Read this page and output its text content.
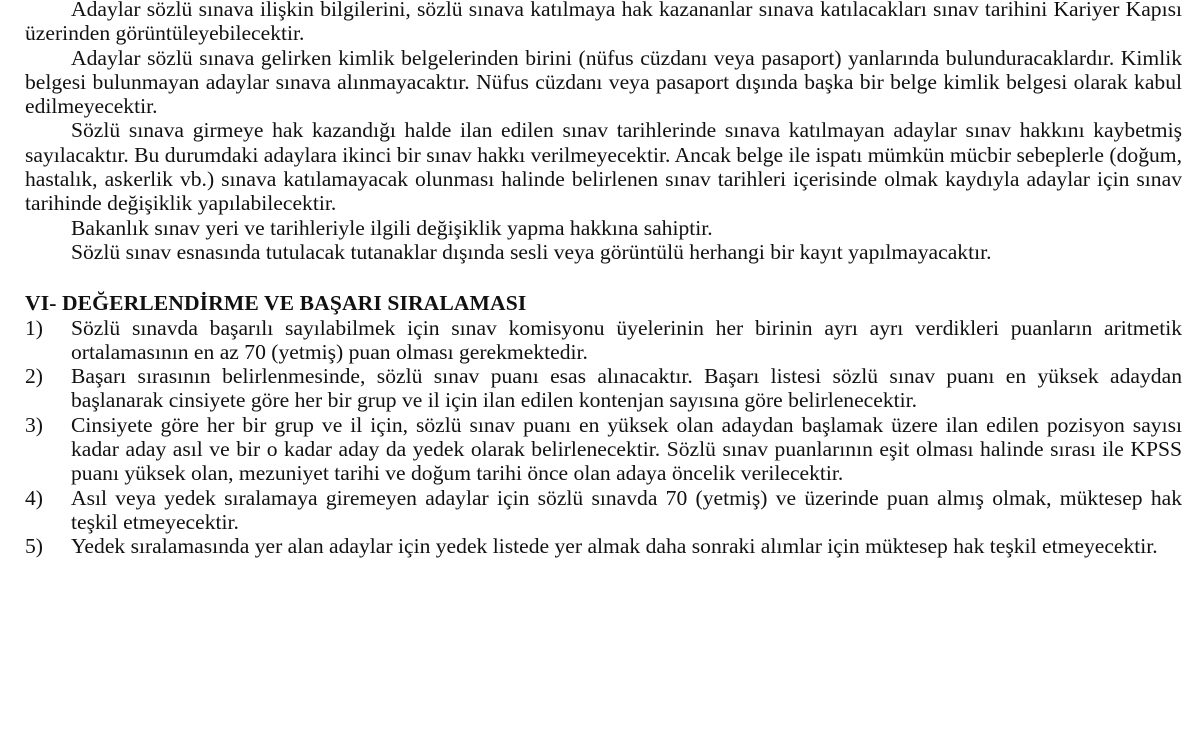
Adaylar sözlü sınava ilişkin bilgilerini, sözlü sınava katılmaya hak kazananlar sınava katılacakları sınav tarihini Kariyer Kapısı üzerinden görüntüleyebilecektir.

Adaylar sözlü sınava gelirken kimlik belgelerinden birini (nüfus cüzdanı veya pasaport) yanlarında bulunduracaklardır. Kimlik belgesi bulunmayan adaylar sınava alınmayacaktır. Nüfus cüzdanı veya pasaport dışında başka bir belge kimlik belgesi olarak kabul edilmeyecektir.

Sözlü sınava girmeye hak kazandığı halde ilan edilen sınav tarihlerinde sınava katılmayan adaylar sınav hakkını kaybetmiş sayılacaktır. Bu durumdaki adaylara ikinci bir sınav hakkı verilmeyecektir. Ancak belge ile ispatı mümkün mücbir sebeplerle (doğum, hastalık, askerlik vb.) sınava katılamayacak olunması halinde belirlenen sınav tarihleri içerisinde olmak kaydıyla adaylar için sınav tarihinde değişiklik yapılabilecektir.

Bakanlık sınav yeri ve tarihleriyle ilgili değişiklik yapma hakkına sahiptir.

Sözlü sınav esnasında tutulacak tutanaklar dışında sesli veya görüntülü herhangi bir kayıt yapılmayacaktır.

VI- DEĞERLENDİRME VE BAŞARI SIRALAMASI
1) Sözlü sınavda başarılı sayılabilmek için sınav komisyonu üyelerinin her birinin ayrı ayrı verdikleri puanların aritmetik ortalamasının en az 70 (yetmiş) puan olması gerekmektedir.
2) Başarı sırasının belirlenmesinde, sözlü sınav puanı esas alınacaktır. Başarı listesi sözlü sınav puanı en yüksek adaydan başlanarak cinsiyete göre her bir grup ve il için ilan edilen kontenjan sayısına göre belirlenecektir.
3) Cinsiyete göre her bir grup ve il için, sözlü sınav puanı en yüksek olan adaydan başlamak üzere ilan edilen pozisyon sayısı kadar aday asıl ve bir o kadar aday da yedek olarak belirlenecektir. Sözlü sınav puanlarının eşit olması halinde sırası ile KPSS puanı yüksek olan, mezuniyet tarihi ve doğum tarihi önce olan adaya öncelik verilecektir.
4) Asıl veya yedek sıralamaya giremeyen adaylar için sözlü sınavda 70 (yetmiş) ve üzerinde puan almış olmak, müktesep hak teşkil etmeyecektir.
5) Yedek sıralamasında yer alan adaylar için yedek listede yer almak daha sonraki alımlar için müktesep hak teşkil etmeyecektir.
